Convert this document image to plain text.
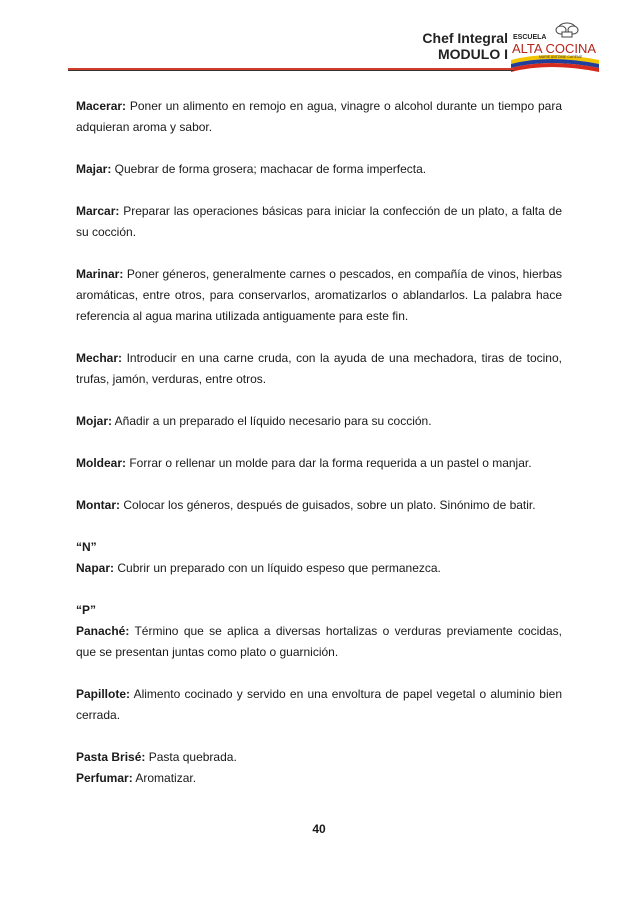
Chef Integral
MODULO I
ESCUELA
ALTA COCINA
MARIE ANTOINE CARÊME

Macerar: Poner un alimento en remojo en agua, vinagre o alcohol durante un tiempo para adquieran aroma y sabor.

Majar: Quebrar de forma grosera; machacar de forma imperfecta.

Marcar: Preparar las operaciones básicas para iniciar la confección de un plato, a falta de su cocción.

Marinar: Poner géneros, generalmente carnes o pescados, en compañía de vinos, hierbas aromáticas, entre otros, para conservarlos, aromatizarlos o ablandarlos. La palabra hace referencia al agua marina utilizada antiguamente para este fin.

Mechar: Introducir en una carne cruda, con la ayuda de una mechadora, tiras de tocino, trufas, jamón, verduras, entre otros.

Mojar: Añadir a un preparado el líquido necesario para su cocción.

Moldear: Forrar o rellenar un molde para dar la forma requerida a un pastel o manjar.

Montar: Colocar los géneros, después de guisados, sobre un plato. Sinónimo de batir.

“N”

Napar: Cubrir un preparado con un líquido espeso que permanezca.

“P”

Panaché: Término que se aplica a diversas hortalizas o verduras previamente cocidas, que se presentan juntas como plato o guarnición.

Papillote: Alimento cocinado y servido en una envoltura de papel vegetal o aluminio bien cerrada.

Pasta Brisé: Pasta quebrada.

Perfumar: Aromatizar.

40
